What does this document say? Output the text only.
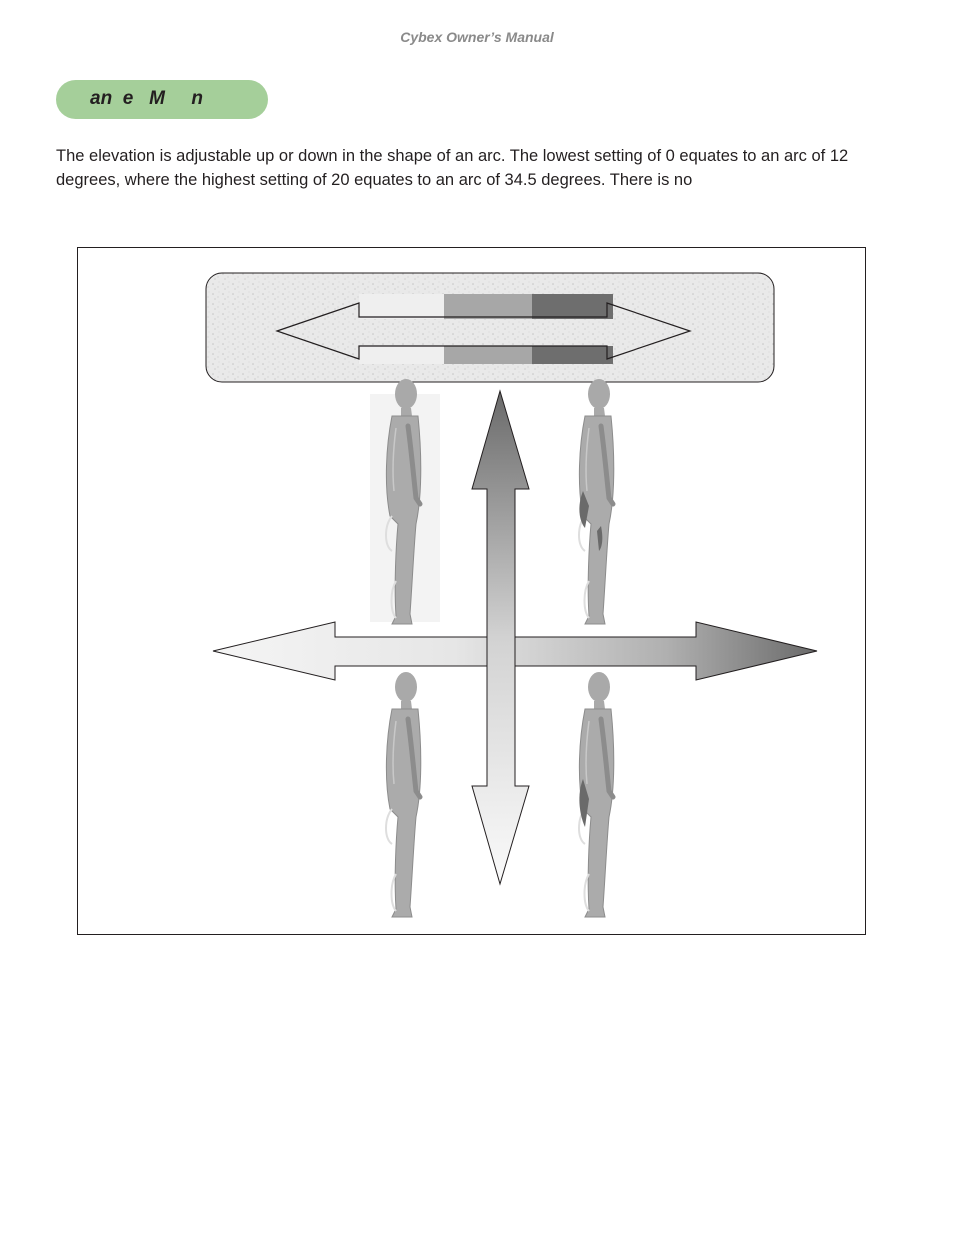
Cybex Owner’s Manual
an  e   M     n

The elevation is adjustable up or down in the shape of an arc. The lowest setting of 0 equates to an arc of 12 degrees, where the highest setting of 20 equates to an arc of 34.5 degrees. There is no
